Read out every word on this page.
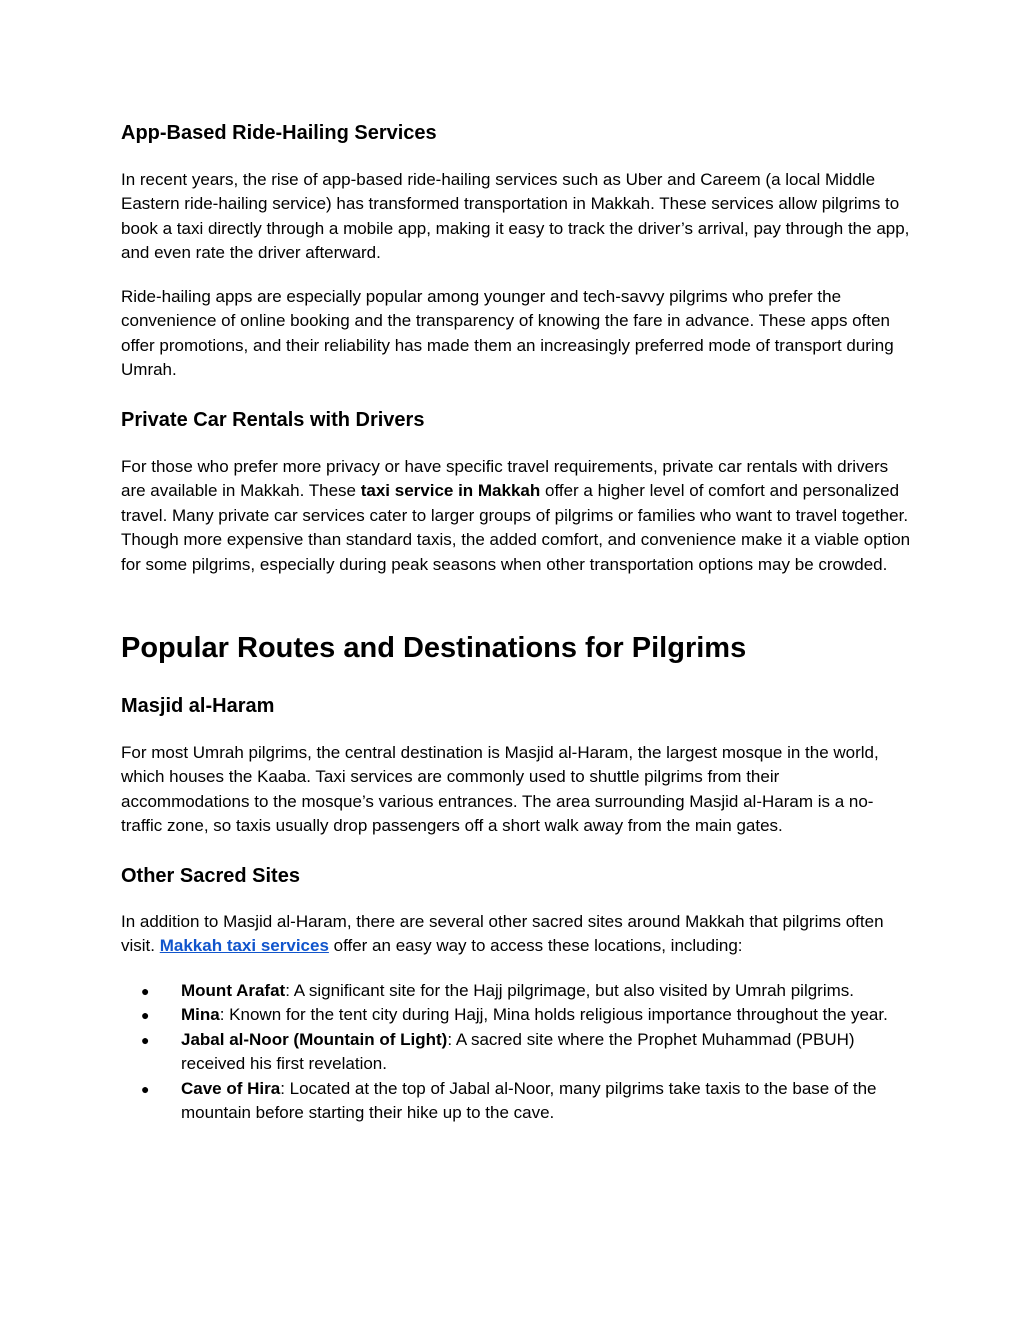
App-Based Ride-Hailing Services

In recent years, the rise of app-based ride-hailing services such as Uber and Careem (a local Middle Eastern ride-hailing service) has transformed transportation in Makkah. These services allow pilgrims to book a taxi directly through a mobile app, making it easy to track the driver’s arrival, pay through the app, and even rate the driver afterward.

Ride-hailing apps are especially popular among younger and tech-savvy pilgrims who prefer the convenience of online booking and the transparency of knowing the fare in advance. These apps often offer promotions, and their reliability has made them an increasingly preferred mode of transport during Umrah.

Private Car Rentals with Drivers

For those who prefer more privacy or have specific travel requirements, private car rentals with drivers are available in Makkah. These taxi service in Makkah offer a higher level of comfort and personalized travel. Many private car services cater to larger groups of pilgrims or families who want to travel together. Though more expensive than standard taxis, the added comfort, and convenience make it a viable option for some pilgrims, especially during peak seasons when other transportation options may be crowded.

Popular Routes and Destinations for Pilgrims
Masjid al-Haram

For most Umrah pilgrims, the central destination is Masjid al-Haram, the largest mosque in the world, which houses the Kaaba. Taxi services are commonly used to shuttle pilgrims from their accommodations to the mosque’s various entrances. The area surrounding Masjid al-Haram is a no-traffic zone, so taxis usually drop passengers off a short walk away from the main gates.

Other Sacred Sites

In addition to Masjid al-Haram, there are several other sacred sites around Makkah that pilgrims often visit. Makkah taxi services offer an easy way to access these locations, including:

● Mount Arafat: A significant site for the Hajj pilgrimage, but also visited by Umrah pilgrims.
● Mina: Known for the tent city during Hajj, Mina holds religious importance throughout the year.
● Jabal al-Noor (Mountain of Light): A sacred site where the Prophet Muhammad (PBUH) received his first revelation.
● Cave of Hira: Located at the top of Jabal al-Noor, many pilgrims take taxis to the base of the mountain before starting their hike up to the cave.
